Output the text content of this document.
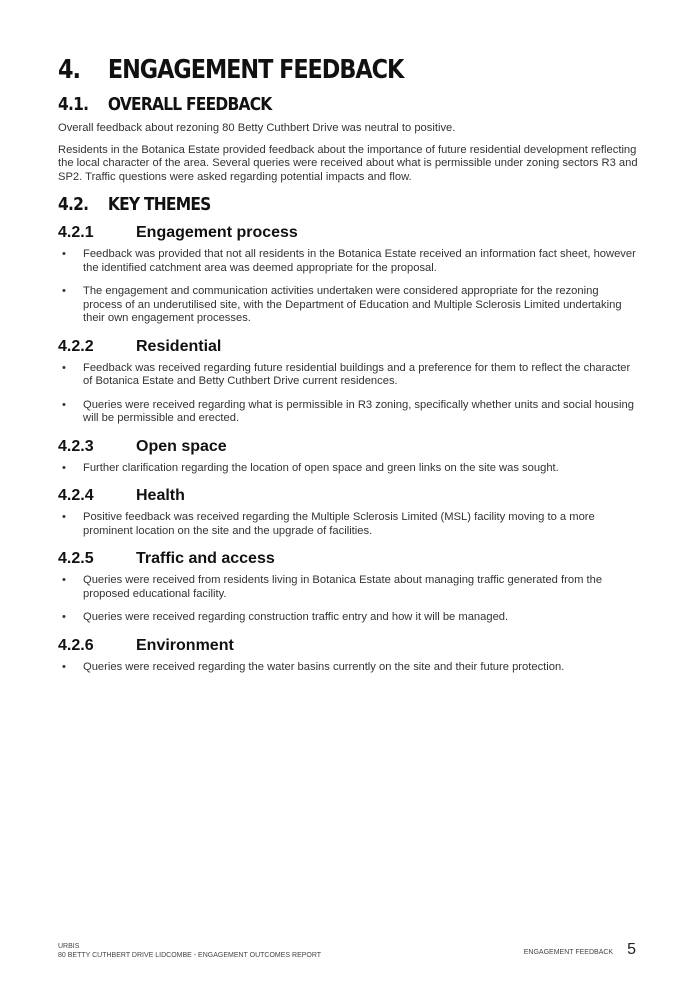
4.	ENGAGEMENT FEEDBACK
4.1.	OVERALL FEEDBACK

Overall feedback about rezoning 80 Betty Cuthbert Drive was neutral to positive.

Residents in the Botanica Estate provided feedback about the importance of future residential development reflecting the local character of the area. Several queries were received about what is permissible under zoning sectors R3 and SP2. Traffic questions were asked regarding potential impacts and flow.

4.2.	KEY THEMES
4.2.1	Engagement process
• Feedback was provided that not all residents in the Botanica Estate received an information fact sheet, however the identified catchment area was deemed appropriate for the proposal.
• The engagement and communication activities undertaken were considered appropriate for the rezoning process of an underutilised site, with the Department of Education and Multiple Sclerosis Limited undertaking their own engagement processes.
4.2.2	Residential
• Feedback was received regarding future residential buildings and a preference for them to reflect the character of Botanica Estate and Betty Cuthbert Drive current residences.
• Queries were received regarding what is permissible in R3 zoning, specifically whether units and social housing will be permissible and erected.
4.2.3	Open space
• Further clarification regarding the location of open space and green links on the site was sought.
4.2.4	Health
• Positive feedback was received regarding the Multiple Sclerosis Limited (MSL) facility moving to a more prominent location on the site and the upgrade of facilities.
4.2.5	Traffic and access
• Queries were received from residents living in Botanica Estate about managing traffic generated from the proposed educational facility.
• Queries were received regarding construction traffic entry and how it will be managed.
4.2.6	Environment
• Queries were received regarding the water basins currently on the site and their future protection.
URBIS
80 BETTY CUTHBERT DRIVE LIDCOMBE - ENGAGEMENT OUTCOMES REPORT	ENGAGEMENT FEEDBACK 5
